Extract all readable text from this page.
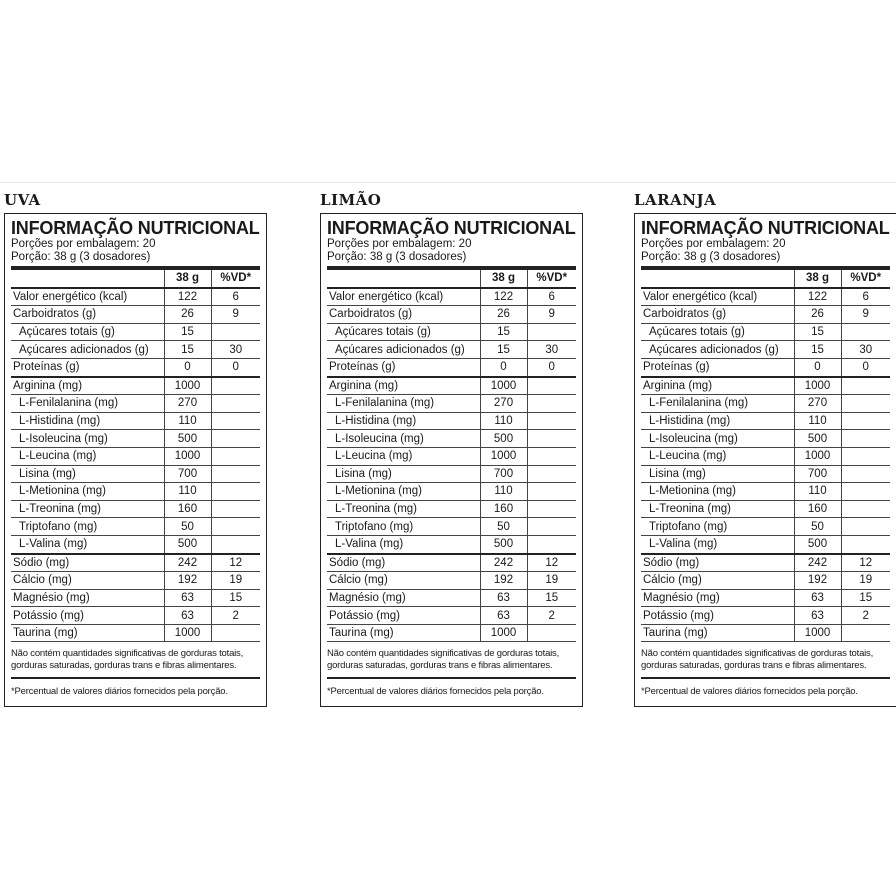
UVA
INFORMAÇÃO NUTRICIONAL
Porções por embalagem: 20
Porção: 38 g (3 dosadores)
	38 g	%VD*
Valor energético (kcal)	122	6
Carboidratos (g)	26	9
Açúcares totais (g)	15	
Açúcares adicionados (g)	15	30
Proteínas (g)	0	0
Arginina (mg)	1000	
L-Fenilalanina (mg)	270	
L-Histidina (mg)	110	
L-Isoleucina (mg)	500	
L-Leucina (mg)	1000	
Lisina (mg)	700	
L-Metionina (mg)	110	
L-Treonina (mg)	160	
Triptofano (mg)	50	
L-Valina (mg)	500	
Sódio (mg)	242	12
Cálcio (mg)	192	19
Magnésio (mg)	63	15
Potássio (mg)	63	2
Taurina (mg)	1000	
Não contém quantidades significativas de gorduras totais, gorduras saturadas, gorduras trans e fibras alimentares.
*Percentual de valores diários fornecidos pela porção.
LIMÃO
INFORMAÇÃO NUTRICIONAL
Porções por embalagem: 20
Porção: 38 g (3 dosadores)
	38 g	%VD*
Valor energético (kcal)	122	6
Carboidratos (g)	26	9
Açúcares totais (g)	15	
Açúcares adicionados (g)	15	30
Proteínas (g)	0	0
Arginina (mg)	1000	
L-Fenilalanina (mg)	270	
L-Histidina (mg)	110	
L-Isoleucina (mg)	500	
L-Leucina (mg)	1000	
Lisina (mg)	700	
L-Metionina (mg)	110	
L-Treonina (mg)	160	
Triptofano (mg)	50	
L-Valina (mg)	500	
Sódio (mg)	242	12
Cálcio (mg)	192	19
Magnésio (mg)	63	15
Potássio (mg)	63	2
Taurina (mg)	1000	
Não contém quantidades significativas de gorduras totais, gorduras saturadas, gorduras trans e fibras alimentares.
*Percentual de valores diários fornecidos pela porção.
LARANJA
INFORMAÇÃO NUTRICIONAL
Porções por embalagem: 20
Porção: 38 g (3 dosadores)
	38 g	%VD*
Valor energético (kcal)	122	6
Carboidratos (g)	26	9
Açúcares totais (g)	15	
Açúcares adicionados (g)	15	30
Proteínas (g)	0	0
Arginina (mg)	1000	
L-Fenilalanina (mg)	270	
L-Histidina (mg)	110	
L-Isoleucina (mg)	500	
L-Leucina (mg)	1000	
Lisina (mg)	700	
L-Metionina (mg)	110	
L-Treonina (mg)	160	
Triptofano (mg)	50	
L-Valina (mg)	500	
Sódio (mg)	242	12
Cálcio (mg)	192	19
Magnésio (mg)	63	15
Potássio (mg)	63	2
Taurina (mg)	1000	
Não contém quantidades significativas de gorduras totais, gorduras saturadas, gorduras trans e fibras alimentares.
*Percentual de valores diários fornecidos pela porção.
